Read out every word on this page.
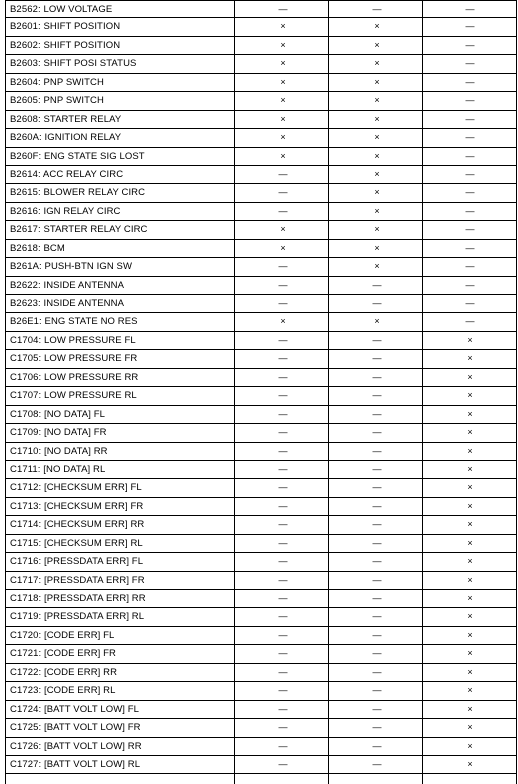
B2562: LOW VOLTAGE	—	—	—
B2601: SHIFT POSITION	×	×	—
B2602: SHIFT POSITION	×	×	—
B2603: SHIFT POSI STATUS	×	×	—
B2604: PNP SWITCH	×	×	—
B2605: PNP SWITCH	×	×	—
B2608: STARTER RELAY	×	×	—
B260A: IGNITION RELAY	×	×	—
B260F: ENG STATE SIG LOST	×	×	—
B2614: ACC RELAY CIRC	—	×	—
B2615: BLOWER RELAY CIRC	—	×	—
B2616: IGN RELAY CIRC	—	×	—
B2617: STARTER RELAY CIRC	×	×	—
B2618: BCM	×	×	—
B261A: PUSH-BTN IGN SW	—	×	—
B2622: INSIDE ANTENNA	—	—	—
B2623: INSIDE ANTENNA	—	—	—
B26E1: ENG STATE NO RES	×	×	—
C1704: LOW PRESSURE FL	—	—	×
C1705: LOW PRESSURE FR	—	—	×
C1706: LOW PRESSURE RR	—	—	×
C1707: LOW PRESSURE RL	—	—	×
C1708: [NO DATA] FL	—	—	×
C1709: [NO DATA] FR	—	—	×
C1710: [NO DATA] RR	—	—	×
C1711: [NO DATA] RL	—	—	×
C1712: [CHECKSUM ERR] FL	—	—	×
C1713: [CHECKSUM ERR] FR	—	—	×
C1714: [CHECKSUM ERR] RR	—	—	×
C1715: [CHECKSUM ERR] RL	—	—	×
C1716: [PRESSDATA ERR] FL	—	—	×
C1717: [PRESSDATA ERR] FR	—	—	×
C1718: [PRESSDATA ERR] RR	—	—	×
C1719: [PRESSDATA ERR] RL	—	—	×
C1720: [CODE ERR] FL	—	—	×
C1721: [CODE ERR] FR	—	—	×
C1722: [CODE ERR] RR	—	—	×
C1723: [CODE ERR] RL	—	—	×
C1724: [BATT VOLT LOW] FL	—	—	×
C1725: [BATT VOLT LOW] FR	—	—	×
C1726: [BATT VOLT LOW] RR	—	—	×
C1727: [BATT VOLT LOW] RL	—	—	×
